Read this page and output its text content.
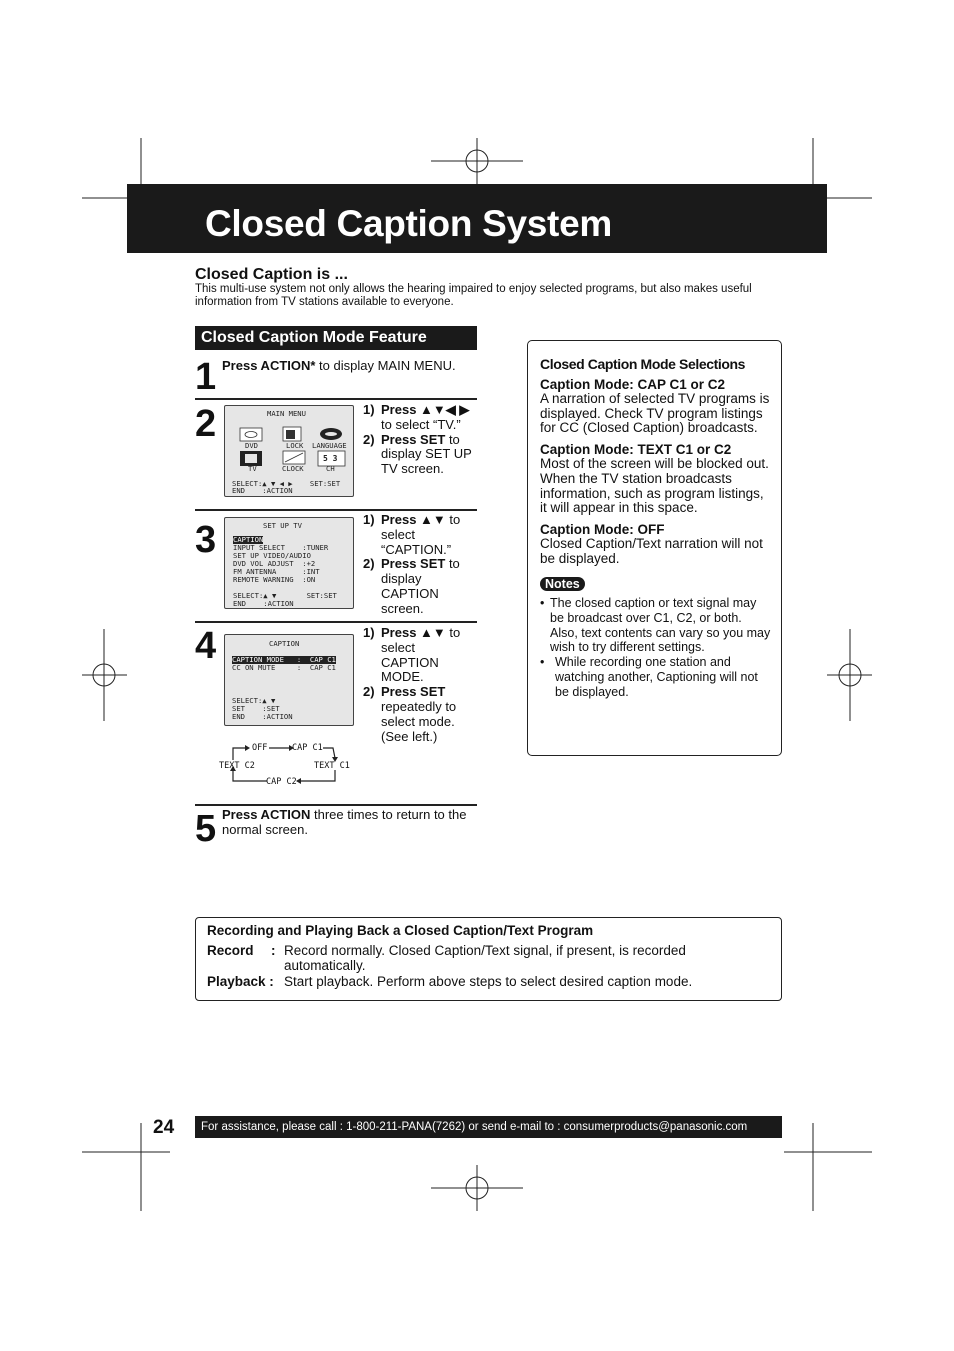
Closed Caption System
Closed Caption is ...
This multi-use system not only allows the hearing impaired to enjoy selected programs, but also makes useful information from TV stations available to everyone.
Closed Caption Mode Feature
1 Press ACTION* to display MAIN MENU.
2	MAIN MENU
DVD	LOCK LANGUAGE
5 3
TV	CLOCK	CH
SELECT:▲ ▼ ◀ ▶    SET:SET
END    :ACTION
1) Press ▲▼◀ ▶
to select “TV.”
2) Press SET to display SET UP TV screen.
3	SET UP TV
CAPTION
INPUT SELECT    :TUNER
SET UP VIDEO/AUDIO
DVD VOL ADJUST  :+2
FM ANTENNA      :INT
REMOTE WARNING  :ON
SELECT:▲ ▼       SET:SET
END    :ACTION
1) Press ▲▼ to select “CAPTION.”
2) Press SET to display CAPTION screen.
4	CAPTION
CAPTION MODE   :  CAP C1
CC ON MUTE     :  CAP C1
SELECT:▲ ▼
SET    :SET
END    :ACTION
OFF	CAP C1
TEXT C1
CAP C2
TEXT C2
1) Press ▲▼ to select CAPTION MODE.
2) Press SET
repeatedly to select mode. (See left.)
5 Press ACTION three times to return to the normal screen.
Closed Caption Mode Selections
Caption Mode: CAP C1 or C2
A narration of selected TV programs is displayed. Check TV program listings for CC (Closed Caption) broadcasts.
Caption Mode: TEXT C1 or C2
Most of the screen will be blocked out. When the TV station broadcasts information, such as program listings, it will appear in this space.
Caption Mode: OFF
Closed Caption/Text narration will not be displayed.
Notes
• The closed caption or text signal may be broadcast over C1, C2, or both. Also, text contents can vary so you may wish to try different settings.
• While recording one station and watching another, Captioning will not be displayed.
Recording and Playing Back a Closed Caption/Text Program
Record : Record normally. Closed Caption/Text signal, if present, is recorded automatically.
Playback : Start playback. Perform above steps to select desired caption mode.
24	For assistance, please call : 1-800-211-PANA(7262) or send e-mail to : consumerproducts@panasonic.com
